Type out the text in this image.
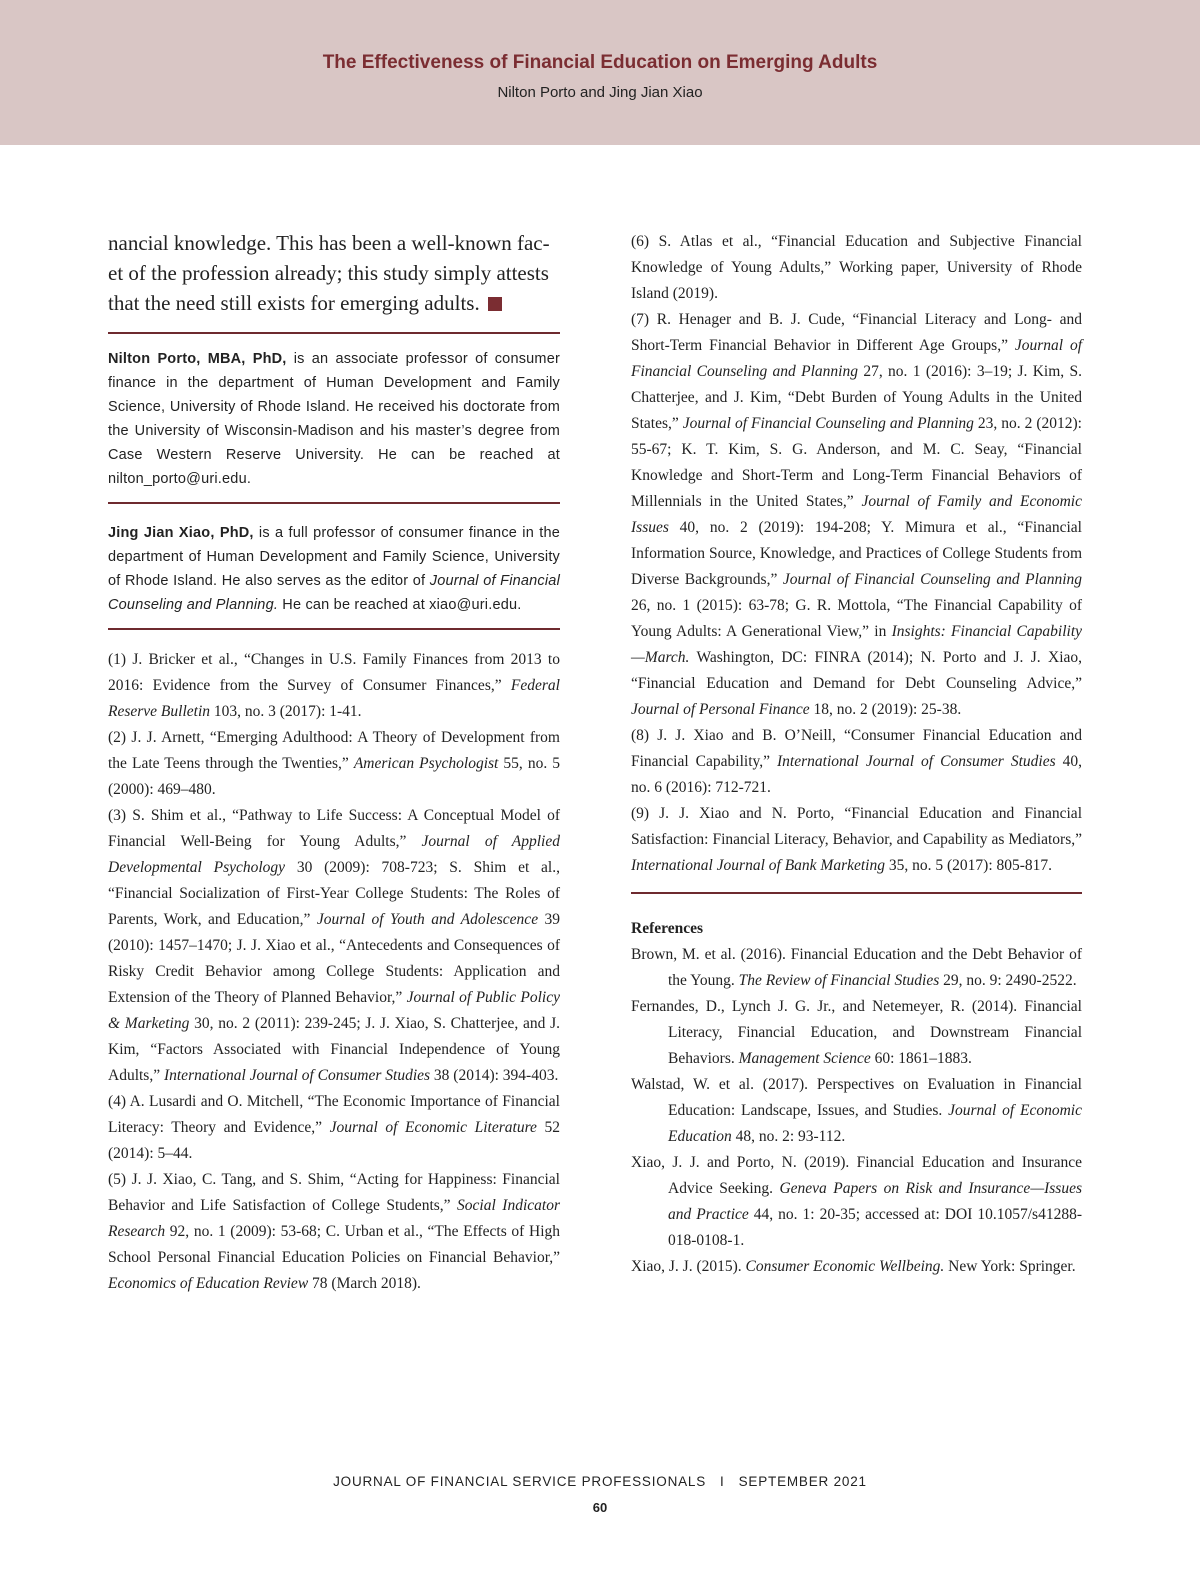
The Effectiveness of Financial Education on Emerging Adults
Nilton Porto and Jing Jian Xiao

nancial knowledge. This has been a well-known fac-
et of the profession already; this study simply attests
that the need still exists for emerging adults.

Nilton Porto, MBA, PhD, is an associate professor of consumer finance in the department of Human Development and Family Science, University of Rhode Island. He received his doctorate from the University of Wisconsin-Madison and his master’s degree from Case Western Reserve University. He can be reached at nilton_porto@uri.edu.

Jing Jian Xiao, PhD, is a full professor of consumer finance in the department of Human Development and Family Science, University of Rhode Island. He also serves as the editor of Journal of Financial Counseling and Planning. He can be reached at xiao@uri.edu.

(1) J. Bricker et al., “Changes in U.S. Family Finances from 2013 to 2016: Evidence from the Survey of Consumer Finances,” Federal Reserve Bulletin 103, no. 3 (2017): 1-41.

(2) J. J. Arnett, “Emerging Adulthood: A Theory of Development from the Late Teens through the Twenties,” American Psychologist 55, no. 5 (2000): 469–480.

(3) S. Shim et al., “Pathway to Life Success: A Conceptual Model of Financial Well-Being for Young Adults,” Journal of Applied Developmental Psychology 30 (2009): 708-723; S. Shim et al., “Financial Socialization of First-Year College Students: The Roles of Parents, Work, and Education,” Journal of Youth and Adolescence 39 (2010): 1457–1470; J. J. Xiao et al., “Antecedents and Consequences of Risky Credit Behavior among College Students: Application and Extension of the Theory of Planned Behavior,” Journal of Public Policy & Marketing 30, no. 2 (2011): 239-245; J. J. Xiao, S. Chatterjee, and J. Kim, “Factors Associated with Financial Independence of Young Adults,” International Journal of Consumer Studies 38 (2014): 394-403.

(4) A. Lusardi and O. Mitchell, “The Economic Importance of Financial Literacy: Theory and Evidence,” Journal of Economic Literature 52 (2014): 5–44.

(5) J. J. Xiao, C. Tang, and S. Shim, “Acting for Happiness: Financial Behavior and Life Satisfaction of College Students,” Social Indicator Research 92, no. 1 (2009): 53-68; C. Urban et al., “The Effects of High School Personal Financial Education Policies on Financial Behavior,” Economics of Education Review 78 (March 2018).

(6) S. Atlas et al., “Financial Education and Subjective Financial Knowledge of Young Adults,” Working paper, University of Rhode Island (2019).

(7) R. Henager and B. J. Cude, “Financial Literacy and Long- and Short-Term Financial Behavior in Different Age Groups,” Journal of Financial Counseling and Planning 27, no. 1 (2016): 3–19; J. Kim, S. Chatterjee, and J. Kim, “Debt Burden of Young Adults in the United States,” Journal of Financial Counseling and Planning 23, no. 2 (2012): 55-67; K. T. Kim, S. G. Anderson, and M. C. Seay, “Financial Knowledge and Short-Term and Long-Term Financial Behaviors of Millennials in the United States,” Journal of Family and Economic Issues 40, no. 2 (2019): 194-208; Y. Mimura et al., “Financial Information Source, Knowledge, and Practices of College Students from Diverse Backgrounds,” Journal of Financial Counseling and Planning 26, no. 1 (2015): 63-78; G. R. Mottola, “The Financial Capability of Young Adults: A Generational View,” in Insights: Financial Capability—March. Washington, DC: FINRA (2014); N. Porto and J. J. Xiao, “Financial Education and Demand for Debt Counseling Advice,” Journal of Personal Finance 18, no. 2 (2019): 25-38.

(8) J. J. Xiao and B. O’Neill, “Consumer Financial Education and Financial Capability,” International Journal of Consumer Studies 40, no. 6 (2016): 712-721.

(9) J. J. Xiao and N. Porto, “Financial Education and Financial Satisfaction: Financial Literacy, Behavior, and Capability as Mediators,” International Journal of Bank Marketing 35, no. 5 (2017): 805-817.

References

Brown, M. et al. (2016). Financial Education and the Debt Behavior of the Young. The Review of Financial Studies 29, no. 9: 2490-2522.

Fernandes, D., Lynch J. G. Jr., and Netemeyer, R. (2014). Financial Literacy, Financial Education, and Downstream Financial Behaviors. Management Science 60: 1861–1883.

Walstad, W. et al. (2017). Perspectives on Evaluation in Financial Education: Landscape, Issues, and Studies. Journal of Economic Education 48, no. 2: 93-112.

Xiao, J. J. and Porto, N. (2019). Financial Education and Insurance Advice Seeking. Geneva Papers on Risk and Insurance—Issues and Practice 44, no. 1: 20-35; accessed at: DOI 10.1057/s41288-018-0108-1.

Xiao, J. J. (2015). Consumer Economic Wellbeing. New York: Springer.

JOURNAL OF FINANCIAL SERVICE PROFESSIONALS I SEPTEMBER 2021
60
